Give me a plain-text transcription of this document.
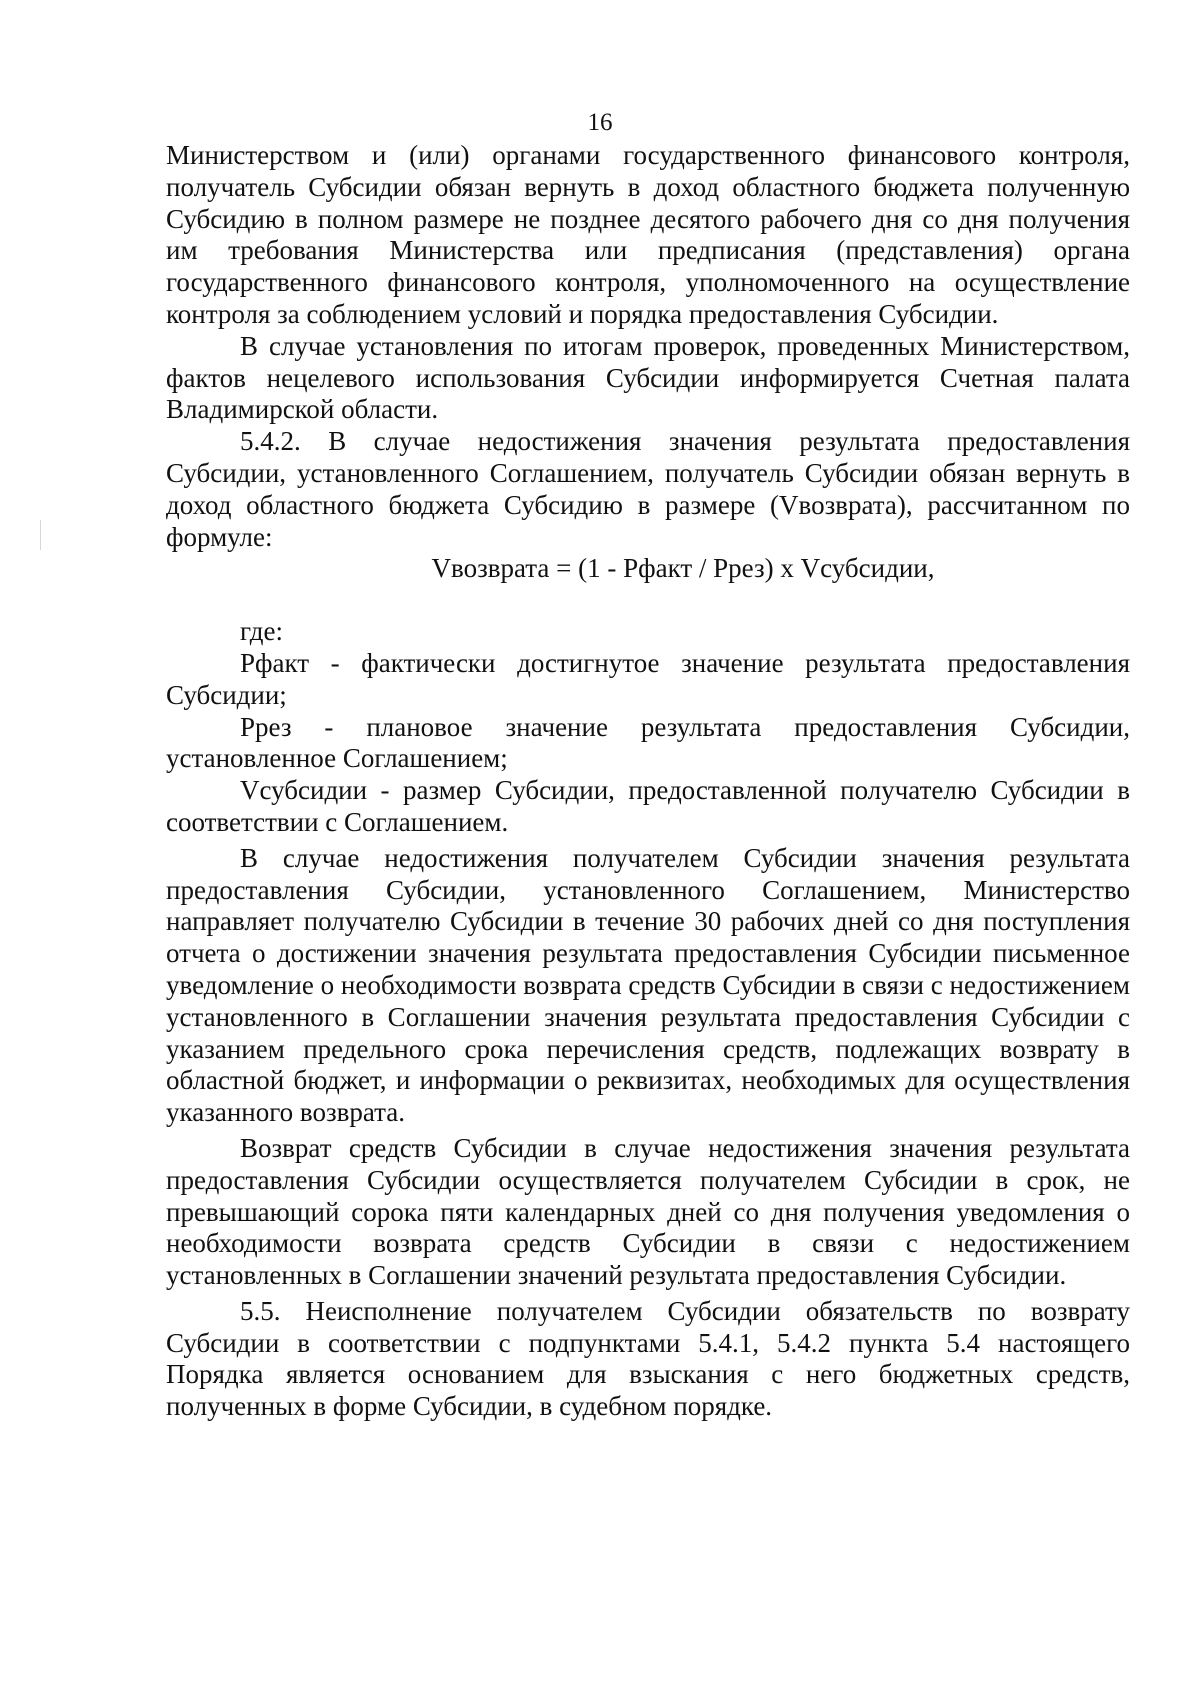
16

Министерством и (или) органами государственного финансового контроля, получатель Субсидии обязан вернуть в доход областного бюджета полученную Субсидию в полном размере не позднее десятого рабочего дня со дня получения им требования Министерства или предписания (представления) органа государственного финансового контроля, уполномоченного на осуществление контроля за соблюдением условий и порядка предоставления Субсидии.

В случае установления по итогам проверок, проведенных Министерством, фактов нецелевого использования Субсидии информируется Счетная палата Владимирской области.

5.4.2. В случае недостижения значения результата предоставления Субсидии, установленного Соглашением, получатель Субсидии обязан вернуть в доход областного бюджета Субсидию в размере (Vвозврата), рассчитанном по формуле:

Vвозврата = (1 - Рфакт / Ррез) х Vсубсидии,

где:

Рфакт - фактически достигнутое значение результата предоставления Субсидии;

Ррез - плановое значение результата предоставления Субсидии, установленное Соглашением;

Vсубсидии - размер Субсидии, предоставленной получателю Субсидии в соответствии с Соглашением.

В случае недостижения получателем Субсидии значения результата предоставления Субсидии, установленного Соглашением, Министерство направляет получателю Субсидии в течение 30 рабочих дней со дня поступления отчета о достижении значения результата предоставления Субсидии письменное уведомление о необходимости возврата средств Субсидии в связи с недостижением установленного в Соглашении значения результата предоставления Субсидии с указанием предельного срока перечисления средств, подлежащих возврату в областной бюджет, и информации о реквизитах, необходимых для осуществления указанного возврата.

Возврат средств Субсидии в случае недостижения значения результата предоставления Субсидии осуществляется получателем Субсидии в срок, не превышающий сорока пяти календарных дней со дня получения уведомления о необходимости возврата средств Субсидии в связи с недостижением установленных в Соглашении значений результата предоставления Субсидии.

5.5. Неисполнение получателем Субсидии обязательств по возврату Субсидии в соответствии с подпунктами 5.4.1, 5.4.2 пункта 5.4 настоящего Порядка является основанием для взыскания с него бюджетных средств, полученных в форме Субсидии, в судебном порядке.
